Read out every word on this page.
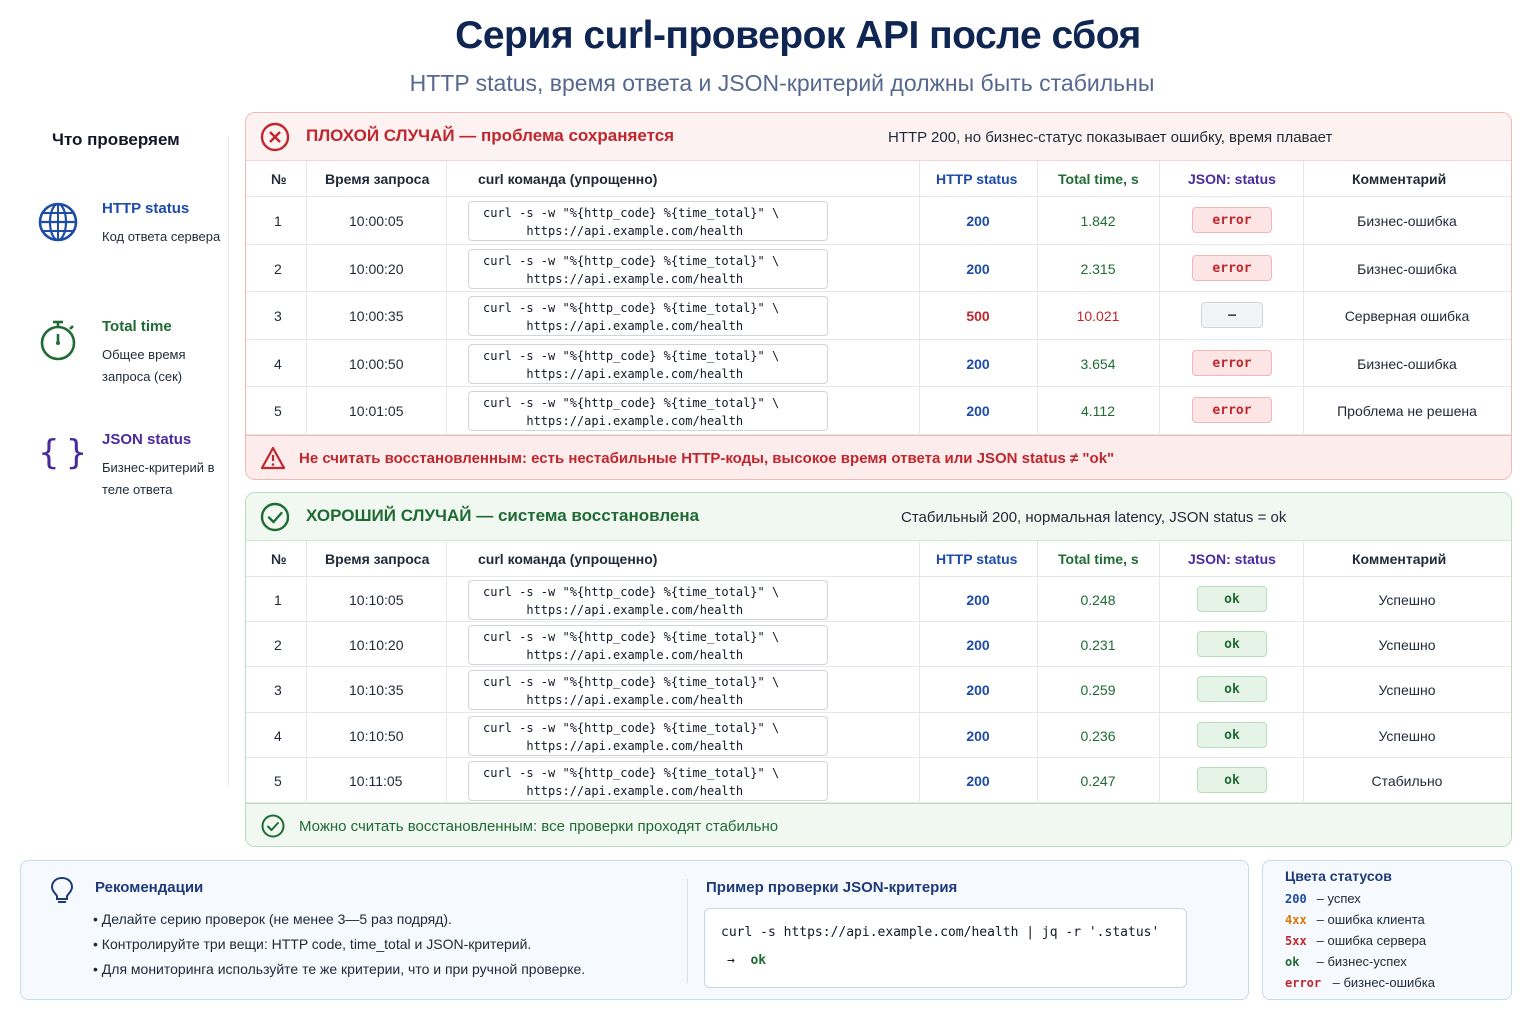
Серия curl-проверок API после сбоя
HTTP status, время ответа и JSON-критерий должны быть стабильны
Что проверяем
HTTP status
Код ответа сервера
Total time
Общее время запроса (сек)
{} JSON status
Бизнес-критерий в теле ответа
ПЛОХОЙ СЛУЧАЙ — проблема сохраняется	HTTP 200, но бизнес-статус показывает ошибку, время плавает
№	Время запроса	curl команда (упрощенно)	HTTP status	Total time, s	JSON: status	Комментарий
1	10:00:05	curl -s -w "%{http_code} %{time_total}" \
https://api.example.com/health
200	1.842	error	Бизнес-ошибка
2	10:00:20	curl -s -w "%{http_code} %{time_total}" \
https://api.example.com/health
200	2.315	error	Бизнес-ошибка
3	10:00:35	curl -s -w "%{http_code} %{time_total}" \
https://api.example.com/health
500	10.021	–	Серверная ошибка
4	10:00:50	curl -s -w "%{http_code} %{time_total}" \
https://api.example.com/health
200	3.654	error	Бизнес-ошибка
5	10:01:05	curl -s -w "%{http_code} %{time_total}" \
https://api.example.com/health
200	4.112	error	Проблема не решена
Не считать восстановленным: есть нестабильные HTTP-коды, высокое время ответа или JSON status ≠ "ok"
ХОРОШИЙ СЛУЧАЙ — система восстановлена	Стабильный 200, нормальная latency, JSON status = ok
№	Время запроса	curl команда (упрощенно)	HTTP status	Total time, s	JSON: status	Комментарий
1	10:10:05	curl -s -w "%{http_code} %{time_total}" \
https://api.example.com/health
200	0.248	ok	Успешно
2	10:10:20	curl -s -w "%{http_code} %{time_total}" \
https://api.example.com/health
200	0.231	ok	Успешно
3	10:10:35	curl -s -w "%{http_code} %{time_total}" \
https://api.example.com/health
200	0.259	ok	Успешно
4	10:10:50	curl -s -w "%{http_code} %{time_total}" \
https://api.example.com/health
200	0.236	ok	Успешно
5	10:11:05	curl -s -w "%{http_code} %{time_total}" \
https://api.example.com/health
200	0.247	ok	Стабильно
Можно считать восстановленным: все проверки проходят стабильно
Рекомендации
• Делайте серию проверок (не менее 3—5 раз подряд).
• Контролируйте три вещи: HTTP code, time_total и JSON-критерий.
• Для мониторинга используйте те же критерии, что и при ручной проверке.
Пример проверки JSON-критерия
curl -s https://api.example.com/health | jq -r '.status'
→ ok
Цвета статусов
200 – успех
4xx – ошибка клиента
5xx – ошибка сервера
ok – бизнес-успех
error – бизнес-ошибка
